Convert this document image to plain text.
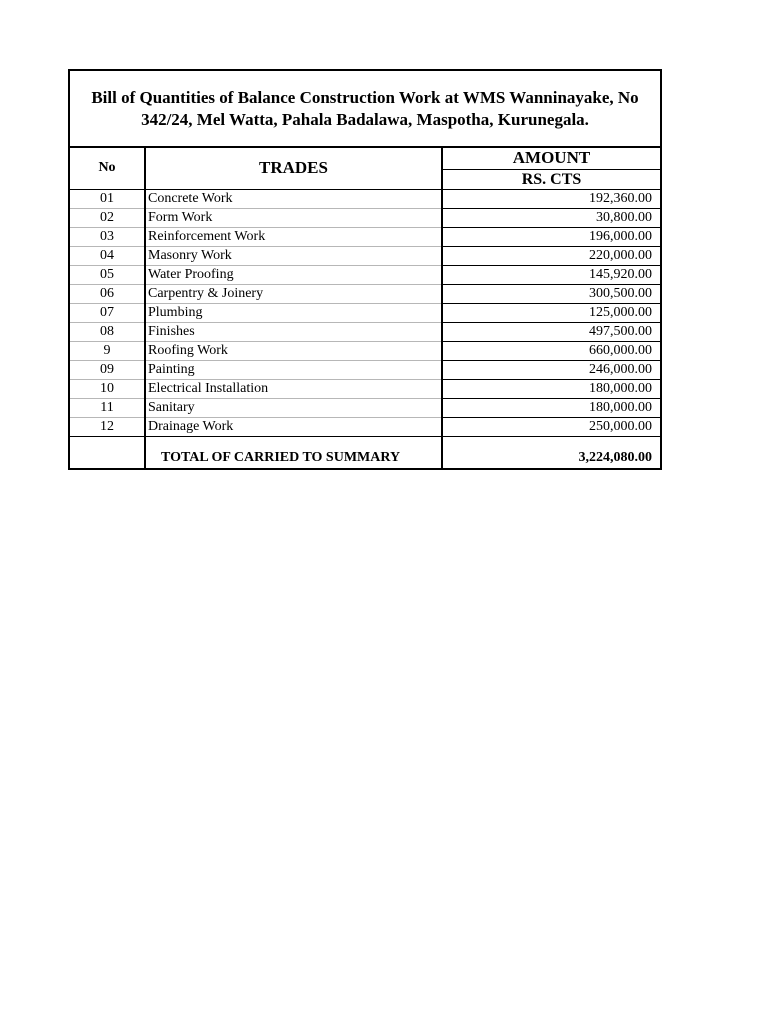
Bill of Quantities of Balance Construction Work at WMS Wanninayake, No 342/24, Mel Watta, Pahala Badalawa, Maspotha, Kurunegala.
No	TRADES	AMOUNT
		RS. CTS
01	Concrete Work	192,360.00
02	Form Work	30,800.00
03	Reinforcement Work	196,000.00
04	Masonry Work	220,000.00
05	Water Proofing	145,920.00
06	Carpentry & Joinery	300,500.00
07	Plumbing	125,000.00
08	Finishes	497,500.00
9	Roofing Work	660,000.00
09	Painting	246,000.00
10	Electrical Installation	180,000.00
11	Sanitary	180,000.00
12	Drainage Work	250,000.00
	TOTAL OF CARRIED TO SUMMARY	3,224,080.00
